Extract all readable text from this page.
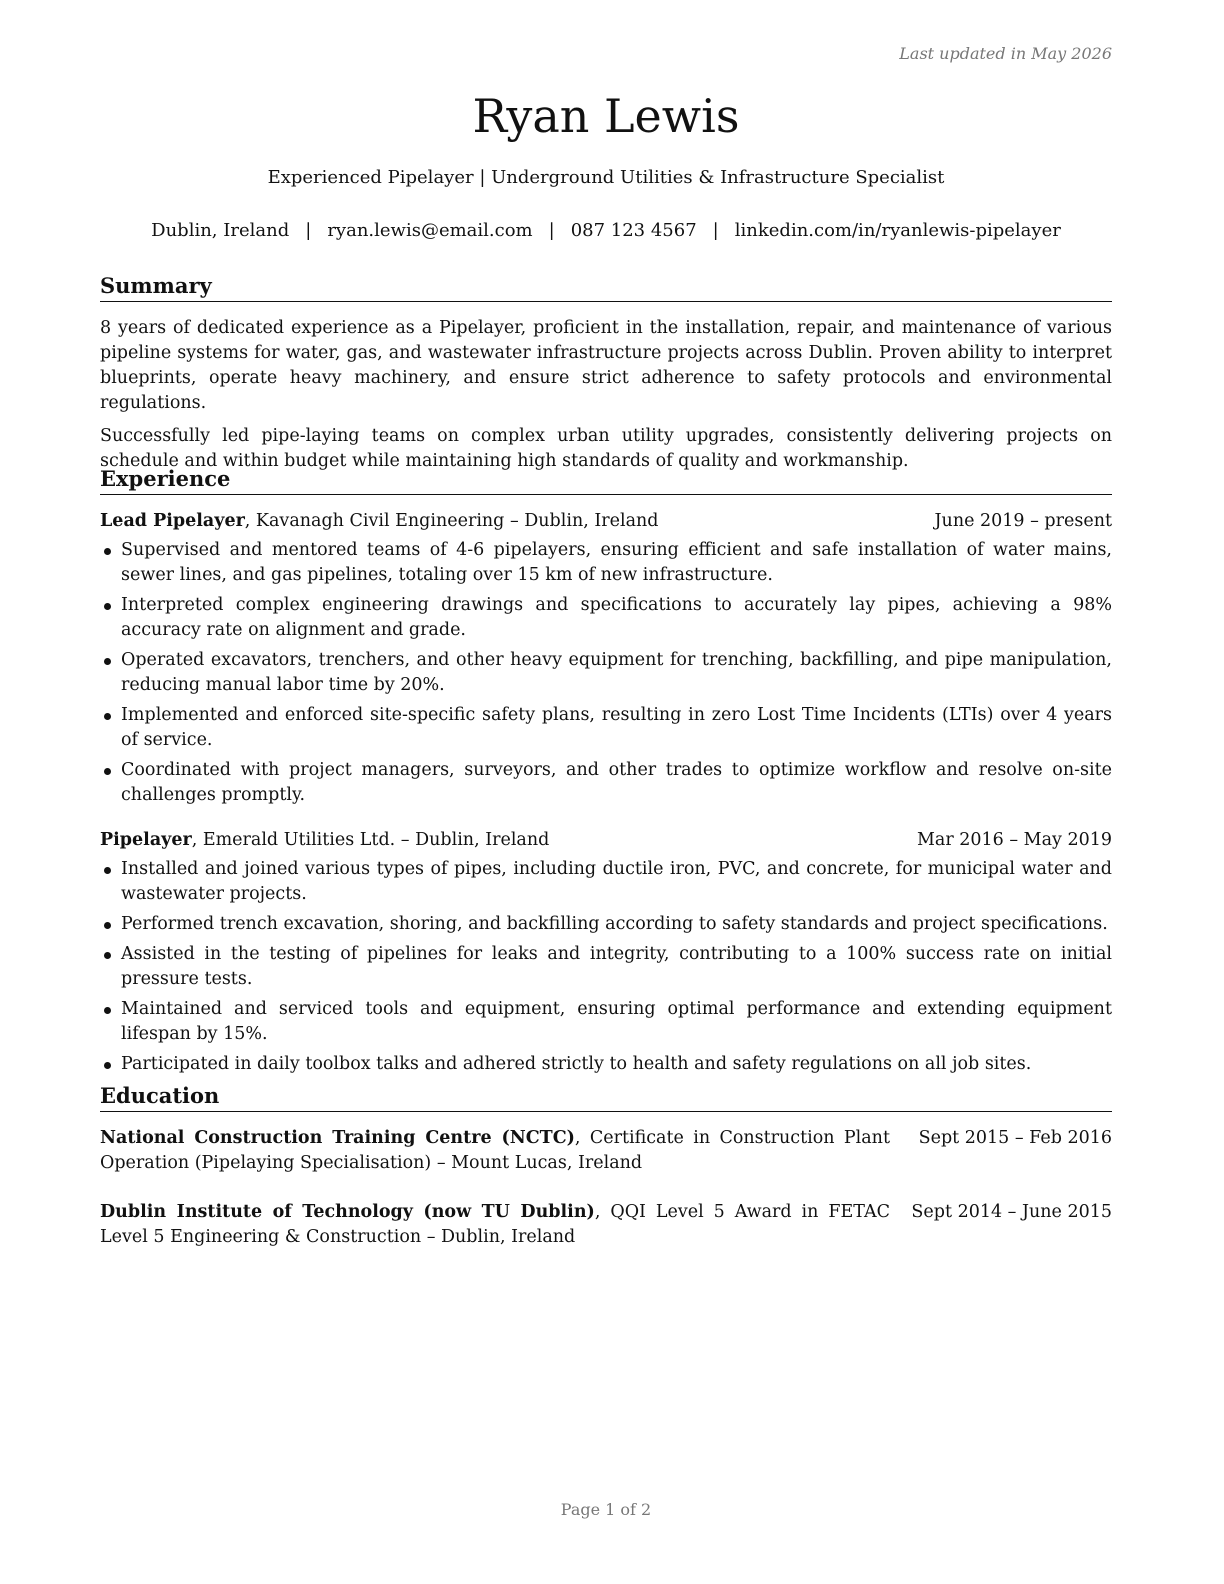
Last updated in May 2026
Ryan Lewis
Experienced Pipelayer | Underground Utilities & Infrastructure Specialist
Dublin, Ireland | ryan.lewis@email.com | 087 123 4567 | linkedin.com/in/ryanlewis-pipelayer
Summary

8 years of dedicated experience as a Pipelayer, proficient in the installation, repair, and maintenance of various pipeline systems for water, gas, and wastewater infrastructure projects across Dublin. Proven ability to interpret blueprints, operate heavy machinery, and ensure strict adherence to safety protocols and environmental regulations.

Successfully led pipe-laying teams on complex urban utility upgrades, consistently delivering projects on schedule and within budget while maintaining high standards of quality and workmanship.

Experience
Lead Pipelayer, Kavanagh Civil Engineering – Dublin, Ireland	June 2019 – present
Supervised and mentored teams of 4-6 pipelayers, ensuring efficient and safe installation of water mains, sewer lines, and gas pipelines, totaling over 15 km of new infrastructure.
Interpreted complex engineering drawings and specifications to accurately lay pipes, achieving a 98% accuracy rate on alignment and grade.
Operated excavators, trenchers, and other heavy equipment for trenching, backfilling, and pipe manipulation, reducing manual labor time by 20%.
Implemented and enforced site-specific safety plans, resulting in zero Lost Time Incidents (LTIs) over 4 years of service.
Coordinated with project managers, surveyors, and other trades to optimize workflow and resolve on-site challenges promptly.
Pipelayer, Emerald Utilities Ltd. – Dublin, Ireland	Mar 2016 – May 2019
Installed and joined various types of pipes, including ductile iron, PVC, and concrete, for municipal water and wastewater projects.
Performed trench excavation, shoring, and backfilling according to safety standards and project specifications.
Assisted in the testing of pipelines for leaks and integrity, contributing to a 100% success rate on initial pressure tests.
Maintained and serviced tools and equipment, ensuring optimal performance and extending equipment lifespan by 15%.
Participated in daily toolbox talks and adhered strictly to health and safety regulations on all job sites.
Education
National Construction Training Centre (NCTC), Certificate in Construction Plant Operation (Pipelaying Specialisation) – Mount Lucas, Ireland
Sept 2015 – Feb 2016
Dublin Institute of Technology (now TU Dublin), QQI Level 5 Award in FETAC Level 5 Engineering & Construction – Dublin, Ireland
Sept 2014 – June 2015
Page 1 of 2
